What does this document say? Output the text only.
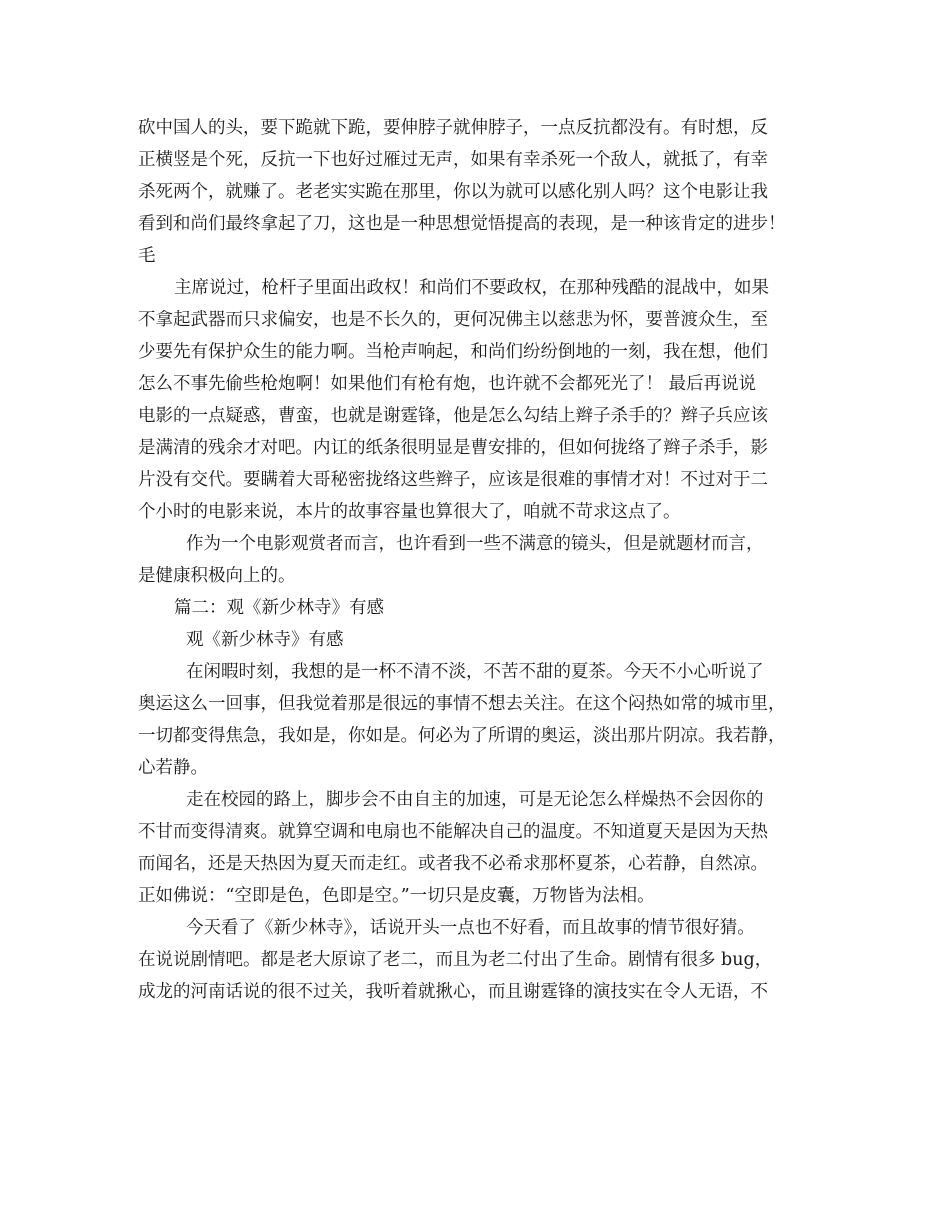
砍中国人的头，要下跪就下跪，要伸脖子就伸脖子，一点反抗都没有。有时想，反
正横竖是个死，反抗一下也好过雁过无声，如果有幸杀死一个敌人，就抵了，有幸
杀死两个，就赚了。老老实实跪在那里，你以为就可以感化别人吗？这个电影让我
看到和尚们最终拿起了刀，这也是一种思想觉悟提高的表现，是一种该肯定的进步！
毛
主席说过，枪杆子里面出政权！和尚们不要政权，在那种残酷的混战中，如果
不拿起武器而只求偏安，也是不长久的，更何况佛主以慈悲为怀，要普渡众生，至
少要先有保护众生的能力啊。当枪声响起，和尚们纷纷倒地的一刻，我在想，他们
怎么不事先偷些枪炮啊！如果他们有枪有炮，也许就不会都死光了！ 最后再说说
电影的一点疑惑，曹蛮，也就是谢霆锋，他是怎么勾结上辫子杀手的？辫子兵应该
是满清的残余才对吧。内讧的纸条很明显是曹安排的，但如何拢络了辫子杀手，影
片没有交代。要瞒着大哥秘密拢络这些辫子，应该是很难的事情才对！不过对于二
个小时的电影来说，本片的故事容量也算很大了，咱就不苛求这点了。
作为一个电影观赏者而言，也许看到一些不满意的镜头，但是就题材而言，
是健康积极向上的。
篇二：观《新少林寺》有感
观《新少林寺》有感
在闲暇时刻，我想的是一杯不清不淡，不苦不甜的夏茶。今天不小心听说了
奥运这么一回事，但我觉着那是很远的事情不想去关注。在这个闷热如常的城市里，
一切都变得焦急，我如是，你如是。何必为了所谓的奥运，淡出那片阴凉。我若静，
心若静。
走在校园的路上，脚步会不由自主的加速，可是无论怎么样燥热不会因你的
不甘而变得清爽。就算空调和电扇也不能解决自己的温度。不知道夏天是因为天热
而闻名，还是天热因为夏天而走红。或者我不必希求那杯夏茶，心若静，自然凉。
正如佛说：“空即是色，色即是空。”一切只是皮囊，万物皆为法相。
今天看了《新少林寺》，话说开头一点也不好看，而且故事的情节很好猜。
在说说剧情吧。都是老大原谅了老二，而且为老二付出了生命。剧情有很多 bug，
成龙的河南话说的很不过关，我听着就揪心，而且谢霆锋的演技实在令人无语，不
